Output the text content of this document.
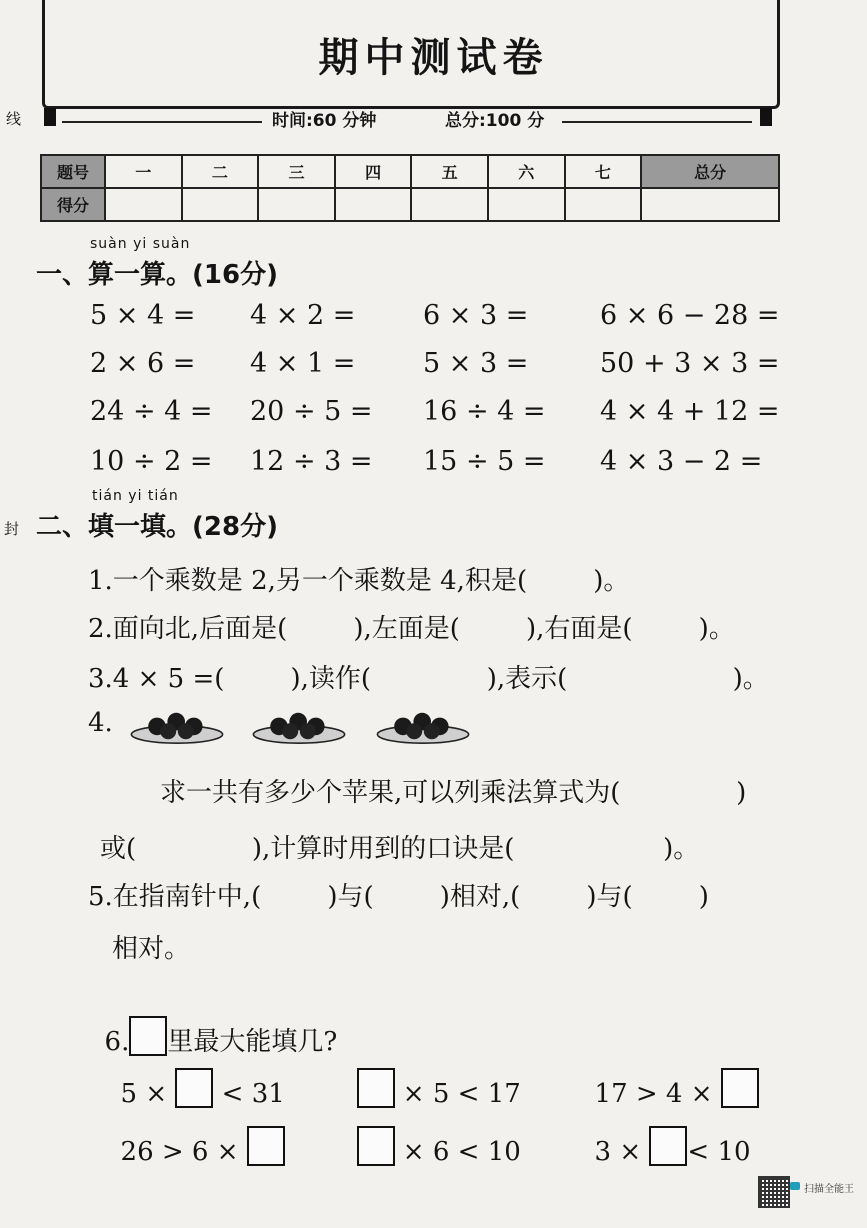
期中测试卷
时间:60 分钟	总分:100 分
线
封
题号	一	二	三	四	五	六	七	总分
得分								
suàn yi suàn
一、算一算。(16分)
5 × 4 = 4 × 2 =	6 × 3 =	6 × 6 − 28 =
2 × 6 = 4 × 1 =	5 × 3 =	50 + 3 × 3 =
24 ÷ 4 = 20 ÷ 5 = 16 ÷ 4 = 4 × 4 + 12 =
10 ÷ 2 = 12 ÷ 3 = 15 ÷ 5 = 4 × 3 − 2 =
tián yi tián
二、填一填。(28分)
1.一个乘数是 2,另一个乘数是 4,积是(        )。
2.面向北,后面是(        ),左面是(        ),右面是(        )。
3.4 × 5 =(        ),读作(              ),表示(                    )。
4.
求一共有多少个苹果,可以列乘法算式为(              )
或(              ),计算时用到的口诀是(                  )。
5.在指南针中,(        )与(        )相对,(        )与(        )
相对。

6. 里最大能填几?

5 × < 31	× 5 < 17	17 > 4 ×

26 > 6 ×	× 6 < 10	3 × < 10

扫描全能王
